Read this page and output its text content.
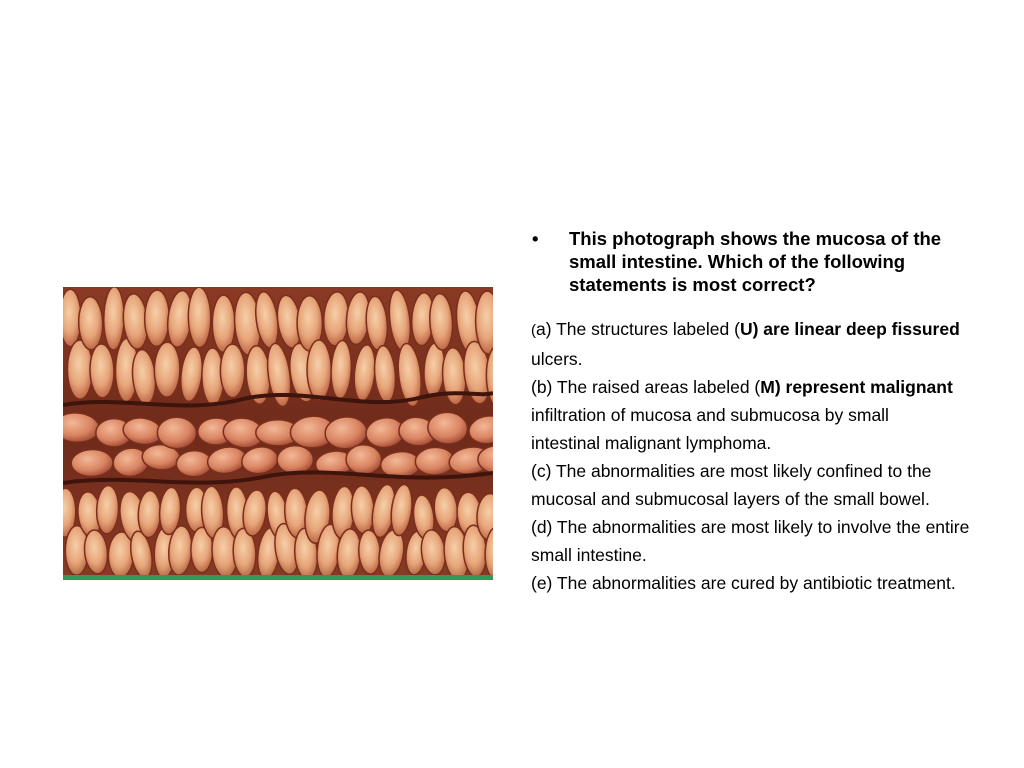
•	This photograph shows the mucosa of the small intestine. Which of the following statements is most correct?

(a) The structures labeled (U) are linear deep fissured

ulcers.

(b) The raised areas labeled (M) represent malignant

infiltration of mucosa and submucosa by small

intestinal malignant lymphoma.

(c) The abnormalities are most likely confined to the

mucosal and submucosal layers of the small bowel.

(d) The abnormalities are most likely to involve the entire

small intestine.

(e) The abnormalities are cured by antibiotic treatment.
